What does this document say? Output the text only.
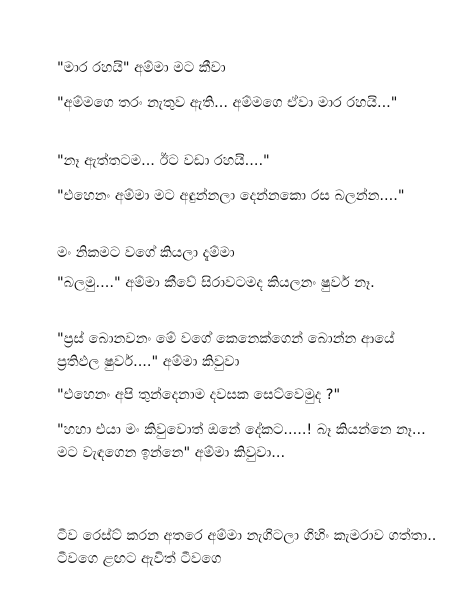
"මාර රහයි" අම්මා මට කීවා

"අම්මගෙ තරං නැතුව ඇති... අම්මගෙ ඒවා මාර රහයි..."

"නෑ ඇත්තටම... ඊට වඩා රහයි...."

"එහෙනං අම්මා මට අඳුන්නලා දෙන්නකො රස බලන්න...."

මං නිකමට වගේ කියලා දැම්මා

"බලමු...." අම්මා කීවේ සිරාවටමද කියලනං ෂුවර් නෑ.

"ප්‍රස් බොනවනං මේ වගේ කෙනෙක්ගෙන් බොන්න ආයේ ප්‍රතිඵල ෂුවර්...." අම්මා කිවුවා

"එහෙනං අපි තුන්දෙනාම දවසක සෙට්වෙමුද ?"

"හහා එයා මං කිවුවොත් ඔනේ දේකට.....! බෑ කියන්නෙ නෑ... මට වැඳගෙන ඉන්නෙ" අම්මා කිවුවා...

ටීව රෙස්ට් කරන අතරෙ අම්මා නැගිටලා ගිහිං කැමරාව ගත්තා.. ටීවගෙ ළඟට ඇවිත් ටීවගෙ
